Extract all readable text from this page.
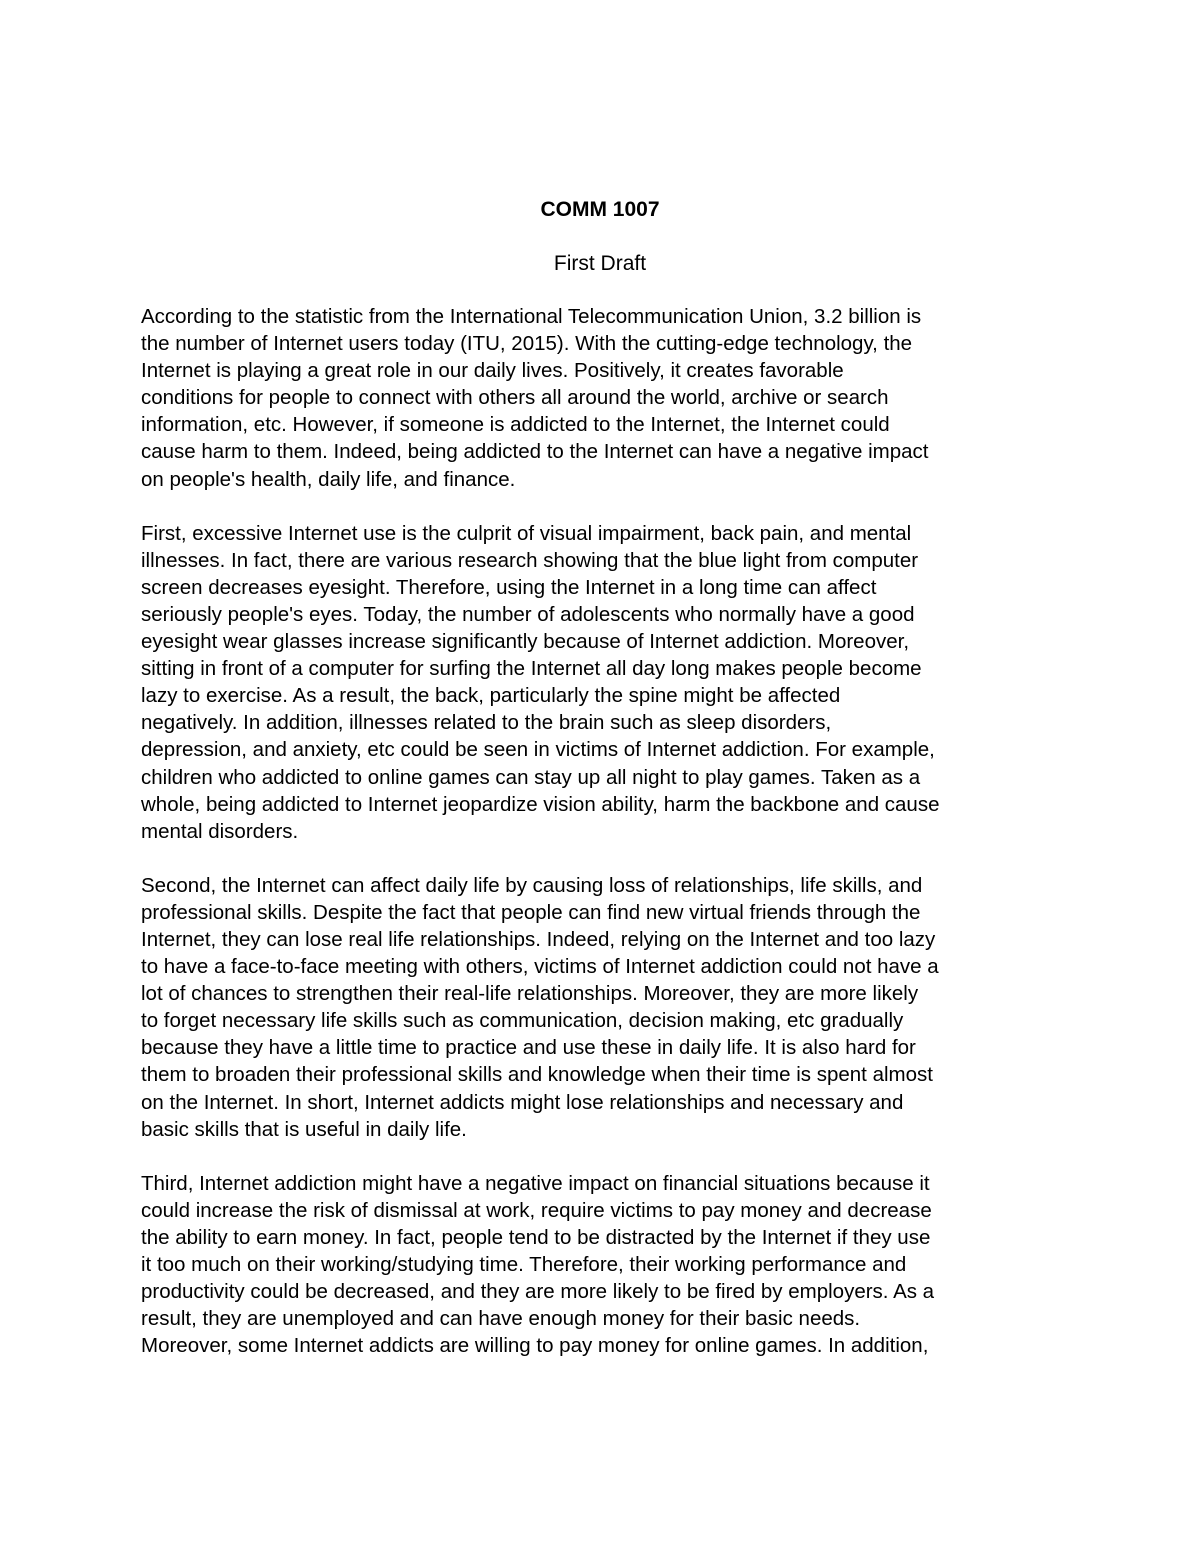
COMM 1007

First Draft

According to the statistic from the International Telecommunication Union, 3.2 billion is
the number of Internet users today (ITU, 2015). With the cutting-edge technology, the
Internet is playing a great role in our daily lives. Positively, it creates favorable
conditions for people to connect with others all around the world, archive or search
information, etc. However, if someone is addicted to the Internet, the Internet could
cause harm to them. Indeed, being addicted to the Internet can have a negative impact
on people's health, daily life, and finance.
First, excessive Internet use is the culprit of visual impairment, back pain, and mental
illnesses. In fact, there are various research showing that the blue light from computer
screen decreases eyesight. Therefore, using the Internet in a long time can affect
seriously people's eyes. Today, the number of adolescents who normally have a good
eyesight wear glasses increase significantly because of Internet addiction. Moreover,
sitting in front of a computer for surfing the Internet all day long makes people become
lazy to exercise. As a result, the back, particularly the spine might be affected
negatively. In addition, illnesses related to the brain such as sleep disorders,
depression, and anxiety, etc could be seen in victims of Internet addiction. For example,
children who addicted to online games can stay up all night to play games. Taken as a
whole, being addicted to Internet jeopardize vision ability, harm the backbone and cause
mental disorders.
Second, the Internet can affect daily life by causing loss of relationships, life skills, and
professional skills. Despite the fact that people can find new virtual friends through the
Internet, they can lose real life relationships. Indeed, relying on the Internet and too lazy
to have a face-to-face meeting with others, victims of Internet addiction could not have a
lot of chances to strengthen their real-life relationships. Moreover, they are more likely
to forget necessary life skills such as communication, decision making, etc gradually
because they have a little time to practice and use these in daily life. It is also hard for
them to broaden their professional skills and knowledge when their time is spent almost
on the Internet. In short, Internet addicts might lose relationships and necessary and
basic skills that is useful in daily life.
Third, Internet addiction might have a negative impact on financial situations because it
could increase the risk of dismissal at work, require victims to pay money and decrease
the ability to earn money. In fact, people tend to be distracted by the Internet if they use
it too much on their working/studying time. Therefore, their working performance and
productivity could be decreased, and they are more likely to be fired by employers. As a
result, they are unemployed and can have enough money for their basic needs.
Moreover, some Internet addicts are willing to pay money for online games. In addition,
